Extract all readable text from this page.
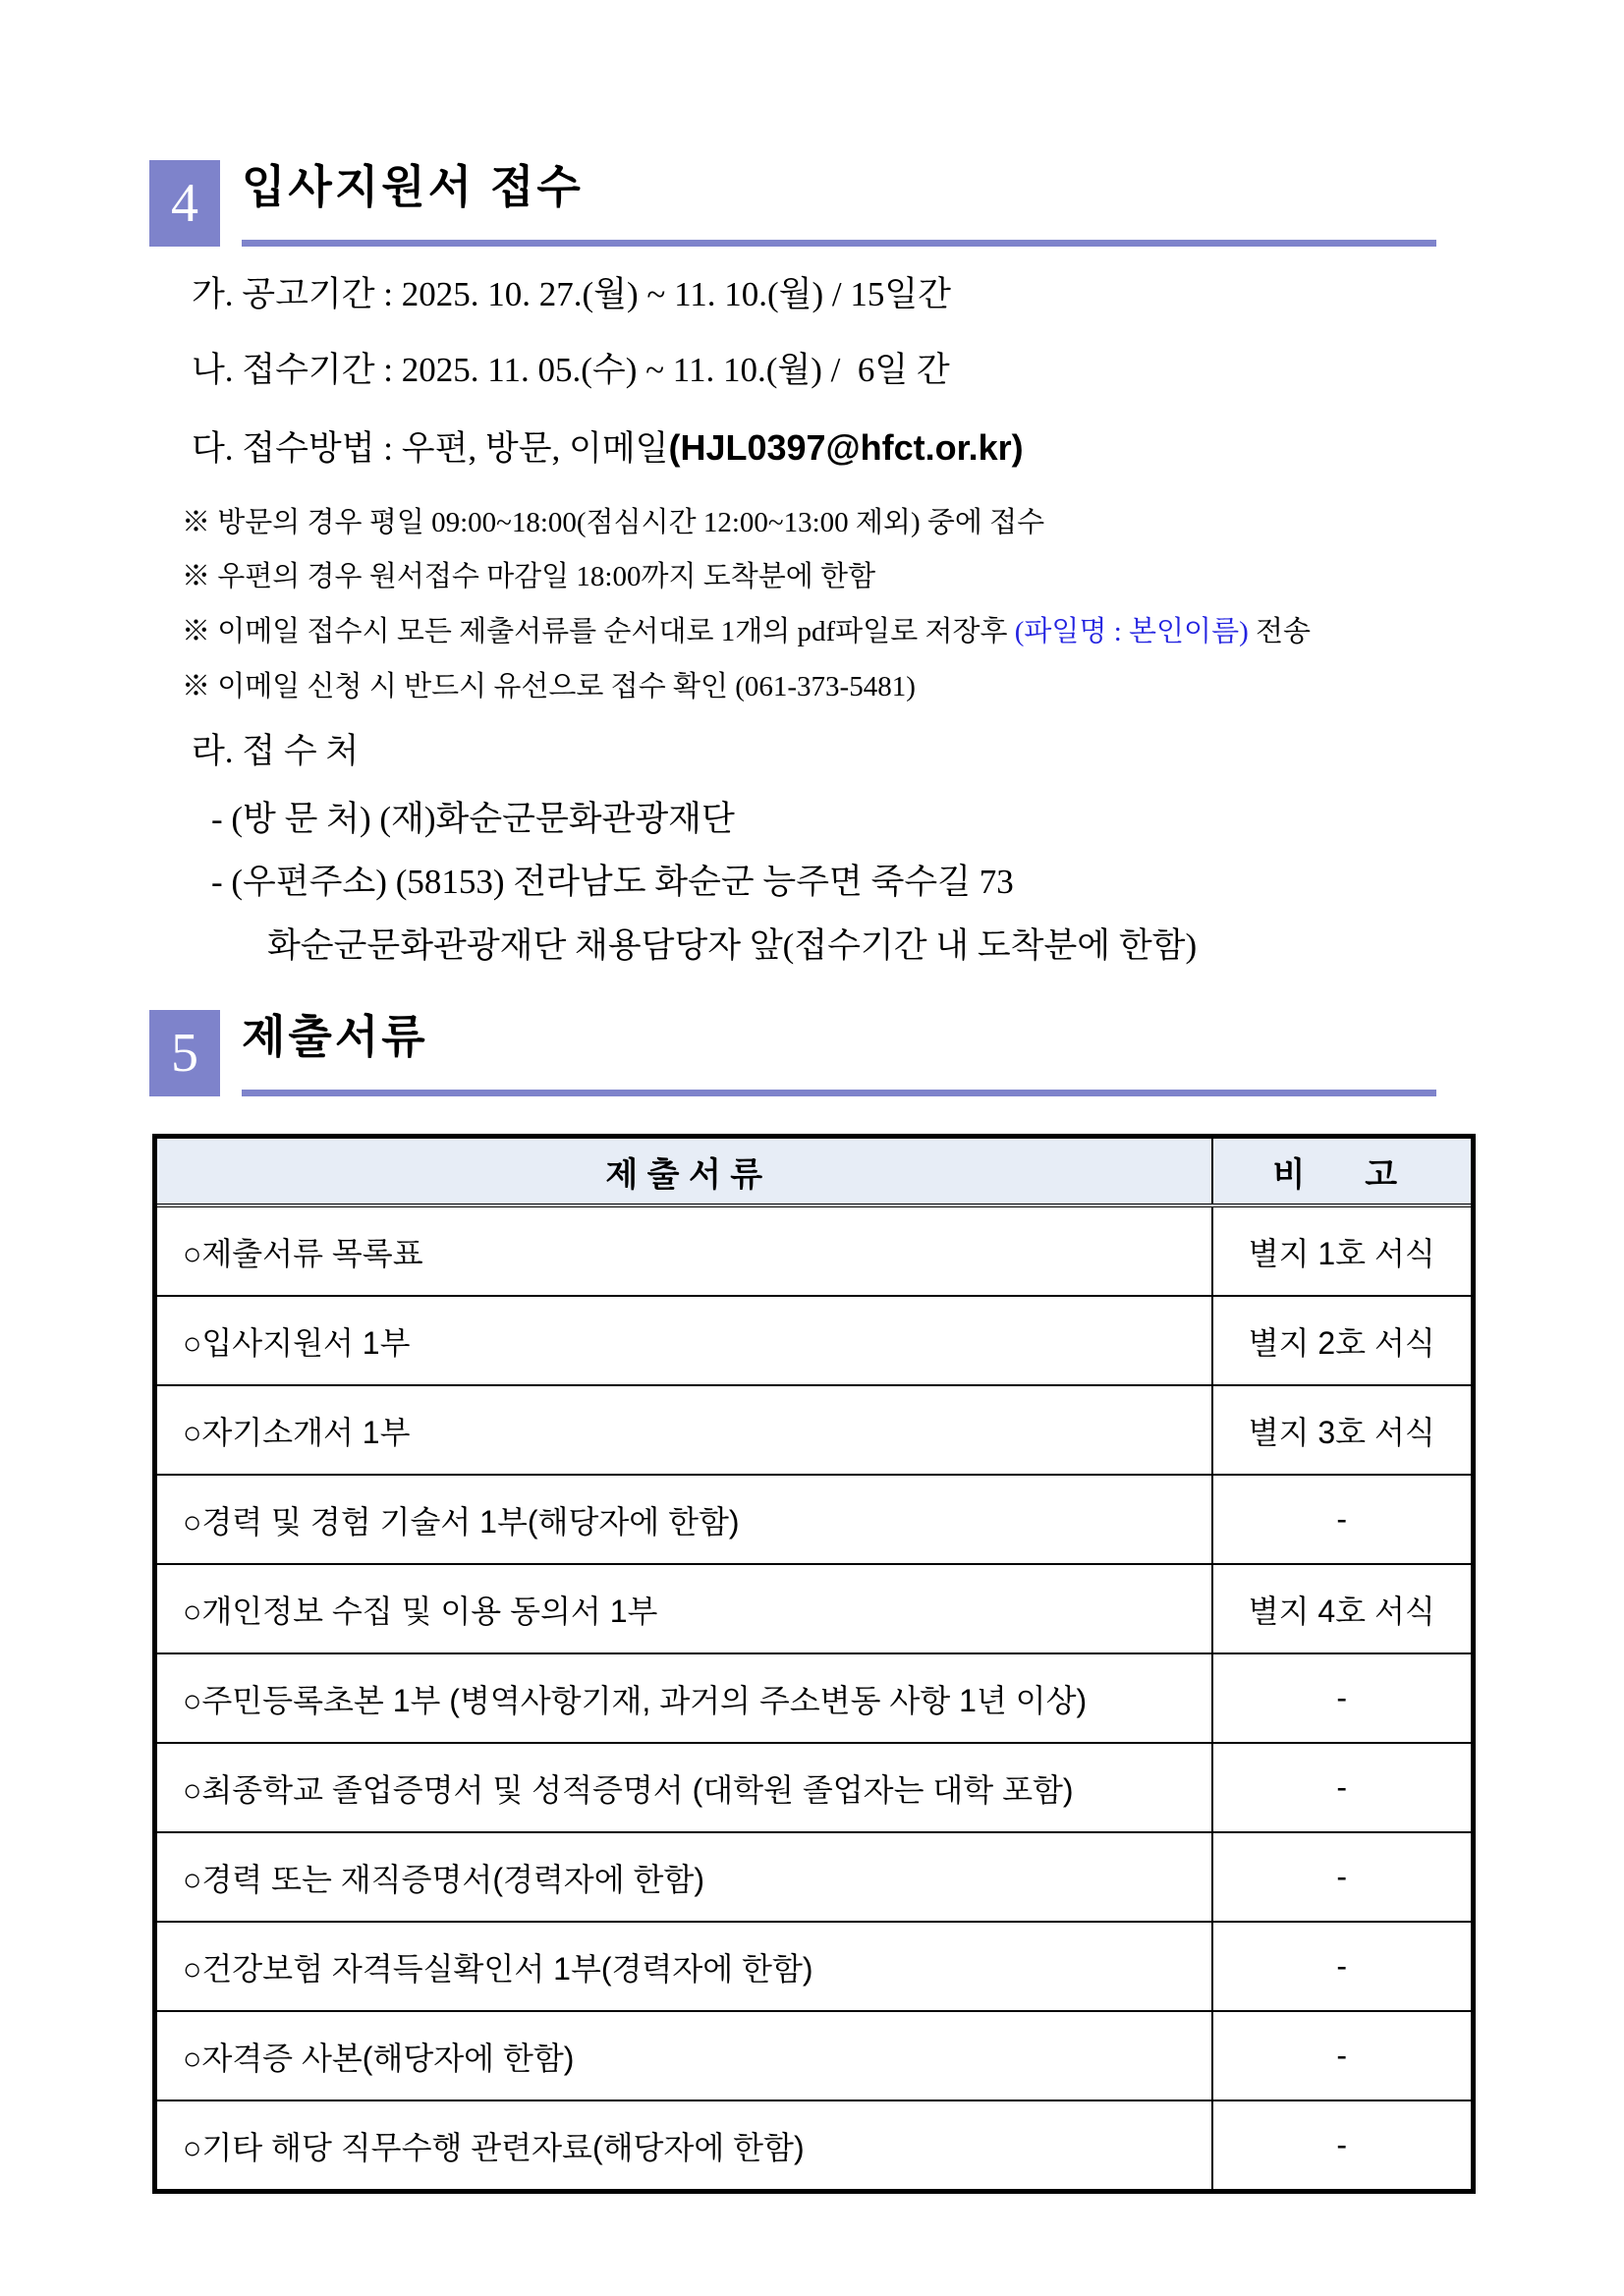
4 입사지원서 접수
가. 공고기간 : 2025. 10. 27.(월) ~ 11. 10.(월) / 15일간
나. 접수기간 : 2025. 11. 05.(수) ~ 11. 10.(월) /  6일 간
다. 접수방법 : 우편, 방문, 이메일(HJL0397@hfct.or.kr)
※ 방문의 경우 평일 09:00~18:00(점심시간 12:00~13:00 제외) 중에 접수
※ 우편의 경우 원서접수 마감일 18:00까지 도착분에 한함
※ 이메일 접수시 모든 제출서류를 순서대로 1개의 pdf파일로 저장후 (파일명 : 본인이름) 전송
※ 이메일 신청 시 반드시 유선으로 접수 확인 (061-373-5481)
라. 접 수 처
- (방 문 처) (재)화순군문화관광재단
- (우편주소) (58153) 전라남도 화순군 능주면 죽수길 73
화순군문화관광재단 채용담당자 앞(접수기간 내 도착분에 한함)
5 제출서류
제 출 서 류	비  고
○제출서류 목록표	별지 1호 서식
○입사지원서 1부	별지 2호 서식
○자기소개서 1부	별지 3호 서식
○경력 및 경험 기술서 1부(해당자에 한함)	-
○개인정보 수집 및 이용 동의서 1부	별지 4호 서식
○주민등록초본 1부 (병역사항기재, 과거의 주소변동 사항 1년 이상)	-
○최종학교 졸업증명서 및 성적증명서 (대학원 졸업자는 대학 포함)	-
○경력 또는 재직증명서(경력자에 한함)	-
○건강보험 자격득실확인서 1부(경력자에 한함)	-
○자격증 사본(해당자에 한함)	-
○기타 해당 직무수행 관련자료(해당자에 한함)	-
